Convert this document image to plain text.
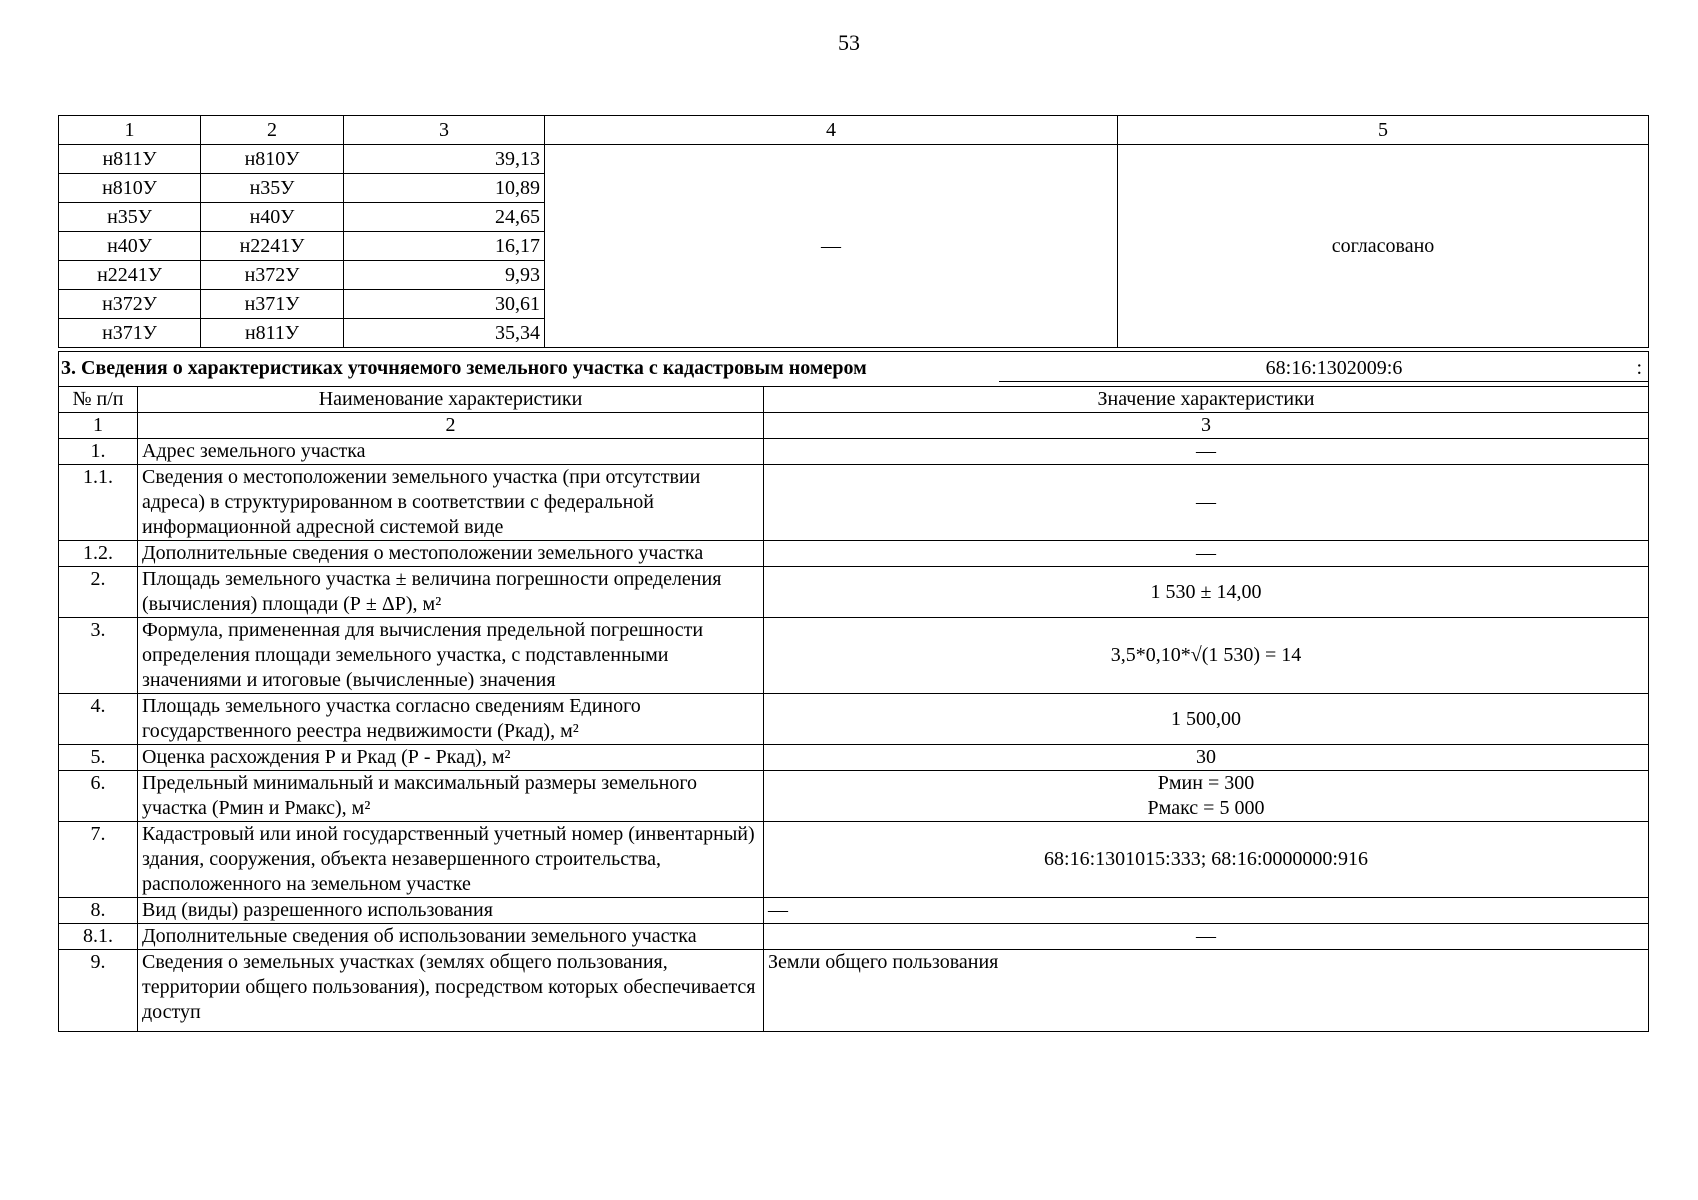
53
1	2	3	4	5
н811У	н810У	39,13	—	согласовано
н810У	н35У	10,89		
н35У	н40У	24,65		
н40У	н2241У	16,17		
н2241У	н372У	9,93		
н372У	н371У	30,61		
н371У	н811У	35,34		
3. Сведения о характеристиках уточняемого земельного участка с кадастровым номером 68:16:1302009:6 :		

№ п/п	Наименование характеристики	Значение характеристики
1	2	3
1.	Адрес земельного участка	—
1.1.	Сведения о местоположении земельного участка (при отсутствии адреса) в структурированном в соответствии с федеральной информационной адресной системой виде	—
1.2.	Дополнительные сведения о местоположении земельного участка	—
2.	Площадь земельного участка ± величина погрешности определения (вычисления) площади (Р ± ΔР), м²	1 530 ± 14,00
3.	Формула, примененная для вычисления предельной погрешности определения площади земельного участка, с подставленными значениями и итоговые (вычисленные) значения	3,5*0,10*√(1 530) = 14
4.	Площадь земельного участка согласно сведениям Единого государственного реестра недвижимости (Ркад), м²	1 500,00
5.	Оценка расхождения Р и Ркад (Р - Ркад), м²	30
6.	Предельный минимальный и максимальный размеры земельного участка (Рмин и Рмакс), м²	Рмин = 300
Рмакс = 5 000

7.	Кадастровый или иной государственный учетный номер (инвентарный) здания, сооружения, объекта незавершенного строительства, расположенного на земельном участке	68:16:1301015:333; 68:16:0000000:916
8.	Вид (виды) разрешенного использования	—
8.1.	Дополнительные сведения об использовании земельного участка	—
9.	Сведения о земельных участках (землях общего пользования, территории общего пользования), посредством которых обеспечивается доступ	Земли общего пользования
